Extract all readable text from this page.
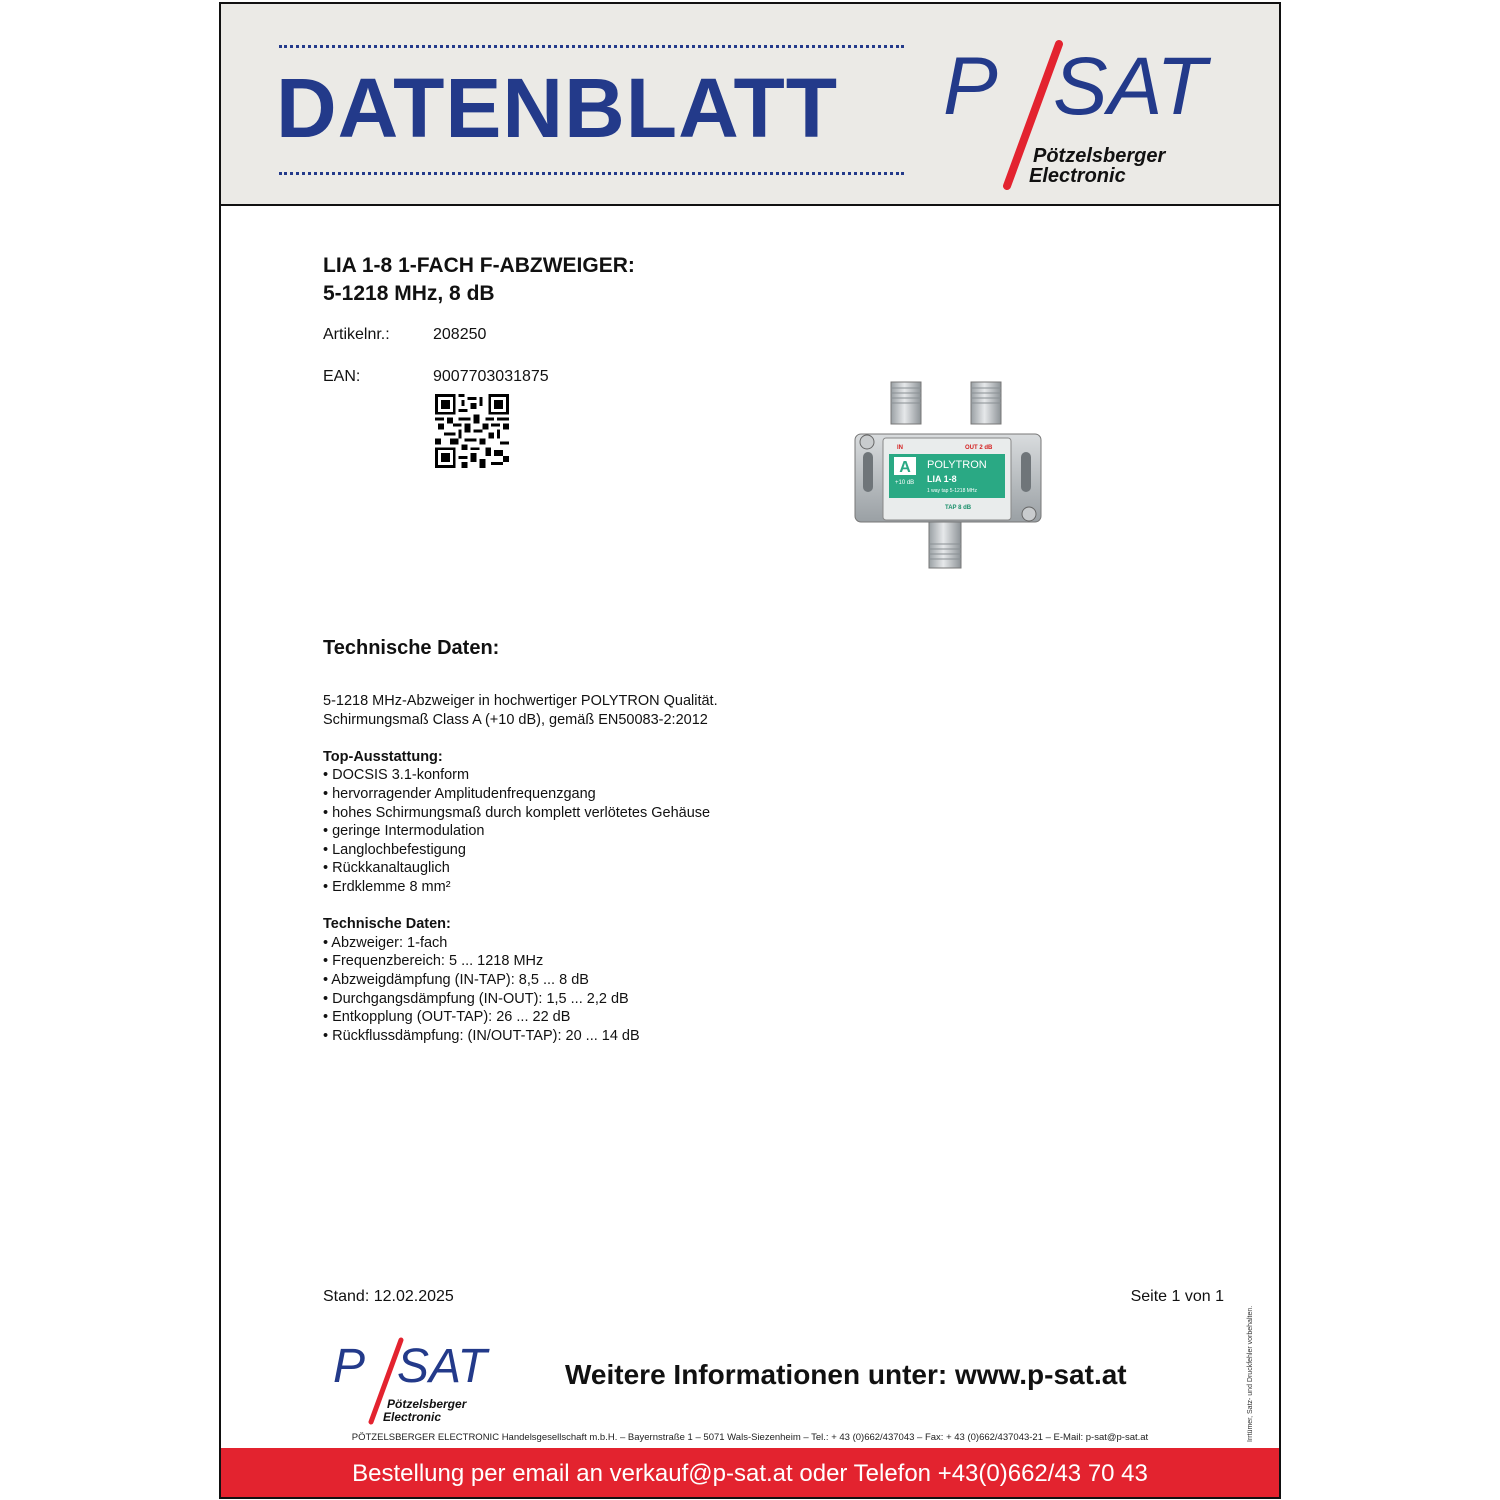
DATENBLATT P SAT
Pötzelsberger
Electronic
LIA 1-8 1-FACH F-ABZWEIGER:
5-1218 MHz, 8 dB
Artikelnr.:	208250
EAN:	9007703031875
A
+10 dB
POLYTRON
LIA 1-8
1 way tap 5-1218 MHz
IN	OUT 2 dB
TAP 8 dB
Technische Daten:
5-1218 MHz-Abzweiger in hochwertiger POLYTRON Qualität.
Schirmungsmaß Class A (+10 dB), gemäß EN50083-2:2012
Top-Ausstattung:
• DOCSIS 3.1-konform
• hervorragender Amplitudenfrequenzgang
• hohes Schirmungsmaß durch komplett verlötetes Gehäuse
• geringe Intermodulation
• Langlochbefestigung
• Rückkanaltauglich
• Erdklemme 8 mm²
Technische Daten:
• Abzweiger: 1-fach
• Frequenzbereich: 5 ... 1218 MHz
• Abzweigdämpfung (IN-TAP): 8,5 ... 8 dB
• Durchgangsdämpfung (IN-OUT): 1,5 ... 2,2 dB
• Entkopplung (OUT-TAP): 26 ... 22 dB
• Rückflussdämpfung: (IN/OUT-TAP): 20 ... 14 dB
Stand: 12.02.2025	Seite 1 von 1
Irrtümer, Satz- und Druckfehler vorbehalten.
P SAT
Pötzelsberger
Electronic
Weitere Informationen unter: www.p-sat.at
PÖTZELSBERGER ELECTRONIC Handelsgesellschaft m.b.H. – Bayernstraße 1 – 5071 Wals-Siezenheim – Tel.: + 43 (0)662/437043 – Fax: + 43 (0)662/437043-21 – E-Mail: p-sat@p-sat.at
Bestellung per email an verkauf@p-sat.at oder Telefon +43(0)662/43 70 43
